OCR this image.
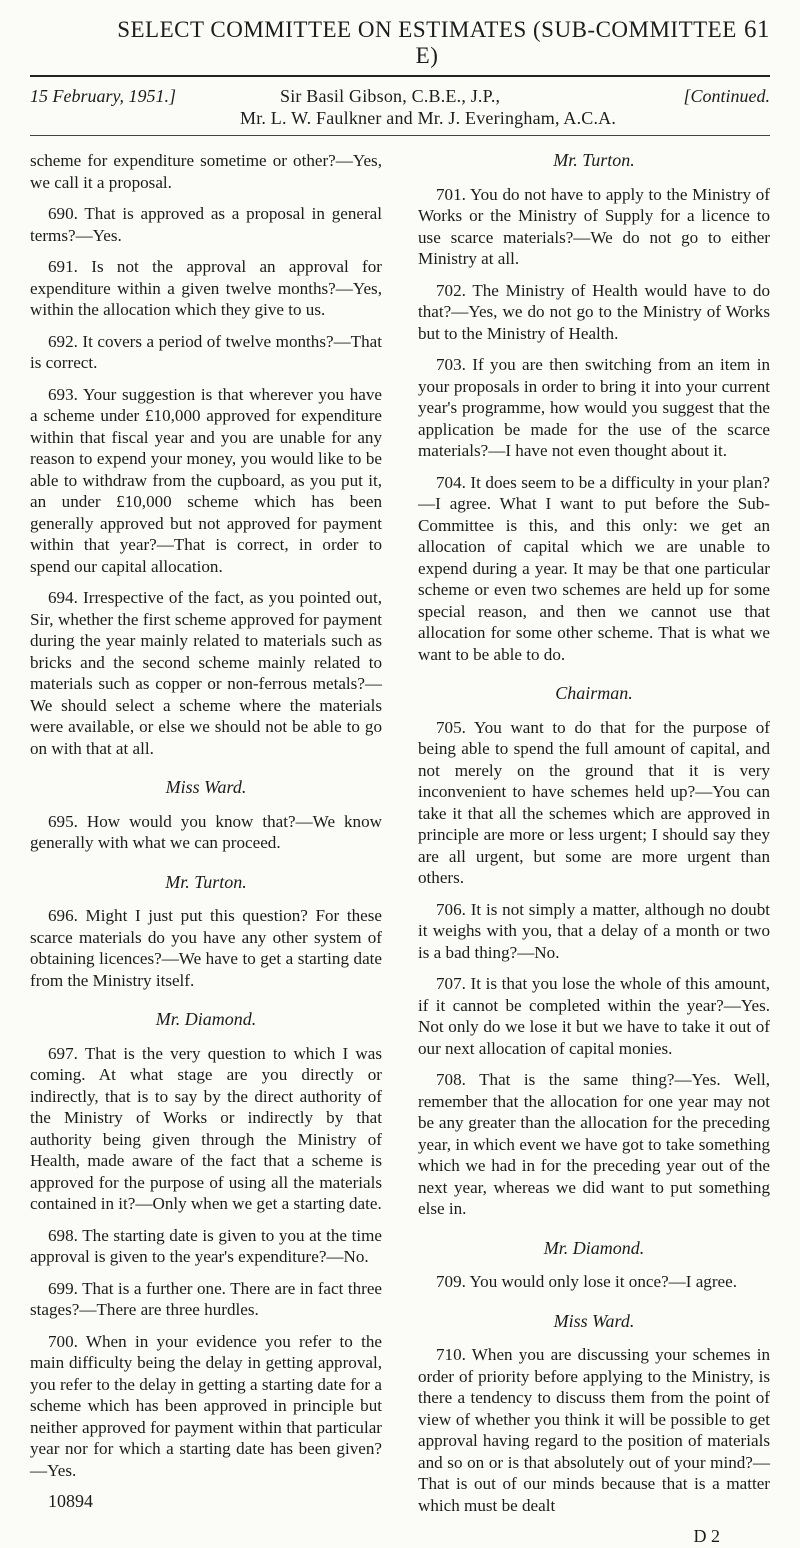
SELECT COMMITTEE ON ESTIMATES (SUB-COMMITTEE E)
61
15 February, 1951.]	Sir Basil Gibson, C.B.E., J.P.,
Mr. L. W. Faulkner and Mr. J. Everingham, A.C.A.
[Continued.

scheme for expenditure sometime or other?—Yes, we call it a proposal.

690. That is approved as a proposal in general terms?—Yes.

691. Is not the approval an approval for expenditure within a given twelve months?—Yes, within the allocation which they give to us.

692. It covers a period of twelve months?—That is correct.

693. Your suggestion is that wherever you have a scheme under £10,000 approved for expenditure within that fiscal year and you are unable for any reason to expend your money, you would like to be able to withdraw from the cupboard, as you put it, an under £10,000 scheme which has been generally approved but not approved for payment within that year?—That is correct, in order to spend our capital allocation.

694. Irrespective of the fact, as you pointed out, Sir, whether the first scheme approved for payment during the year mainly related to materials such as bricks and the second scheme mainly related to materials such as copper or non-ferrous metals?—We should select a scheme where the materials were available, or else we should not be able to go on with that at all.

Miss Ward.

695. How would you know that?—We know generally with what we can proceed.

Mr. Turton.

696. Might I just put this question? For these scarce materials do you have any other system of obtaining licences?—We have to get a starting date from the Ministry itself.

Mr. Diamond.

697. That is the very question to which I was coming. At what stage are you directly or indirectly, that is to say by the direct authority of the Ministry of Works or indirectly by that authority being given through the Ministry of Health, made aware of the fact that a scheme is approved for the purpose of using all the materials contained in it?—Only when we get a starting date.

698. The starting date is given to you at the time approval is given to the year's expenditure?—No.

699. That is a further one. There are in fact three stages?—There are three hurdles.

700. When in your evidence you refer to the main difficulty being the delay in getting approval, you refer to the delay in getting a starting date for a scheme which has been approved in principle but neither approved for payment within that particular year nor for which a starting date has been given?—Yes.

10894
Mr. Turton.

701. You do not have to apply to the Ministry of Works or the Ministry of Supply for a licence to use scarce materials?—We do not go to either Ministry at all.

702. The Ministry of Health would have to do that?—Yes, we do not go to the Ministry of Works but to the Ministry of Health.

703. If you are then switching from an item in your proposals in order to bring it into your current year's programme, how would you suggest that the application be made for the use of the scarce materials?—I have not even thought about it.

704. It does seem to be a difficulty in your plan?—I agree. What I want to put before the Sub-Committee is this, and this only: we get an allocation of capital which we are unable to expend during a year. It may be that one particular scheme or even two schemes are held up for some special reason, and then we cannot use that allocation for some other scheme. That is what we want to be able to do.

Chairman.

705. You want to do that for the purpose of being able to spend the full amount of capital, and not merely on the ground that it is very inconvenient to have schemes held up?—You can take it that all the schemes which are approved in principle are more or less urgent; I should say they are all urgent, but some are more urgent than others.

706. It is not simply a matter, although no doubt it weighs with you, that a delay of a month or two is a bad thing?—No.

707. It is that you lose the whole of this amount, if it cannot be completed within the year?—Yes. Not only do we lose it but we have to take it out of our next allocation of capital monies.

708. That is the same thing?—Yes. Well, remember that the allocation for one year may not be any greater than the allocation for the preceding year, in which event we have got to take something which we had in for the preceding year out of the next year, whereas we did want to put something else in.

Mr. Diamond.

709. You would only lose it once?—I agree.

Miss Ward.

710. When you are discussing your schemes in order of priority before applying to the Ministry, is there a tendency to discuss them from the point of view of whether you think it will be possible to get approval having regard to the position of materials and so on or is that absolutely out of your mind?—That is out of our minds because that is a matter which must be dealt

D 2
